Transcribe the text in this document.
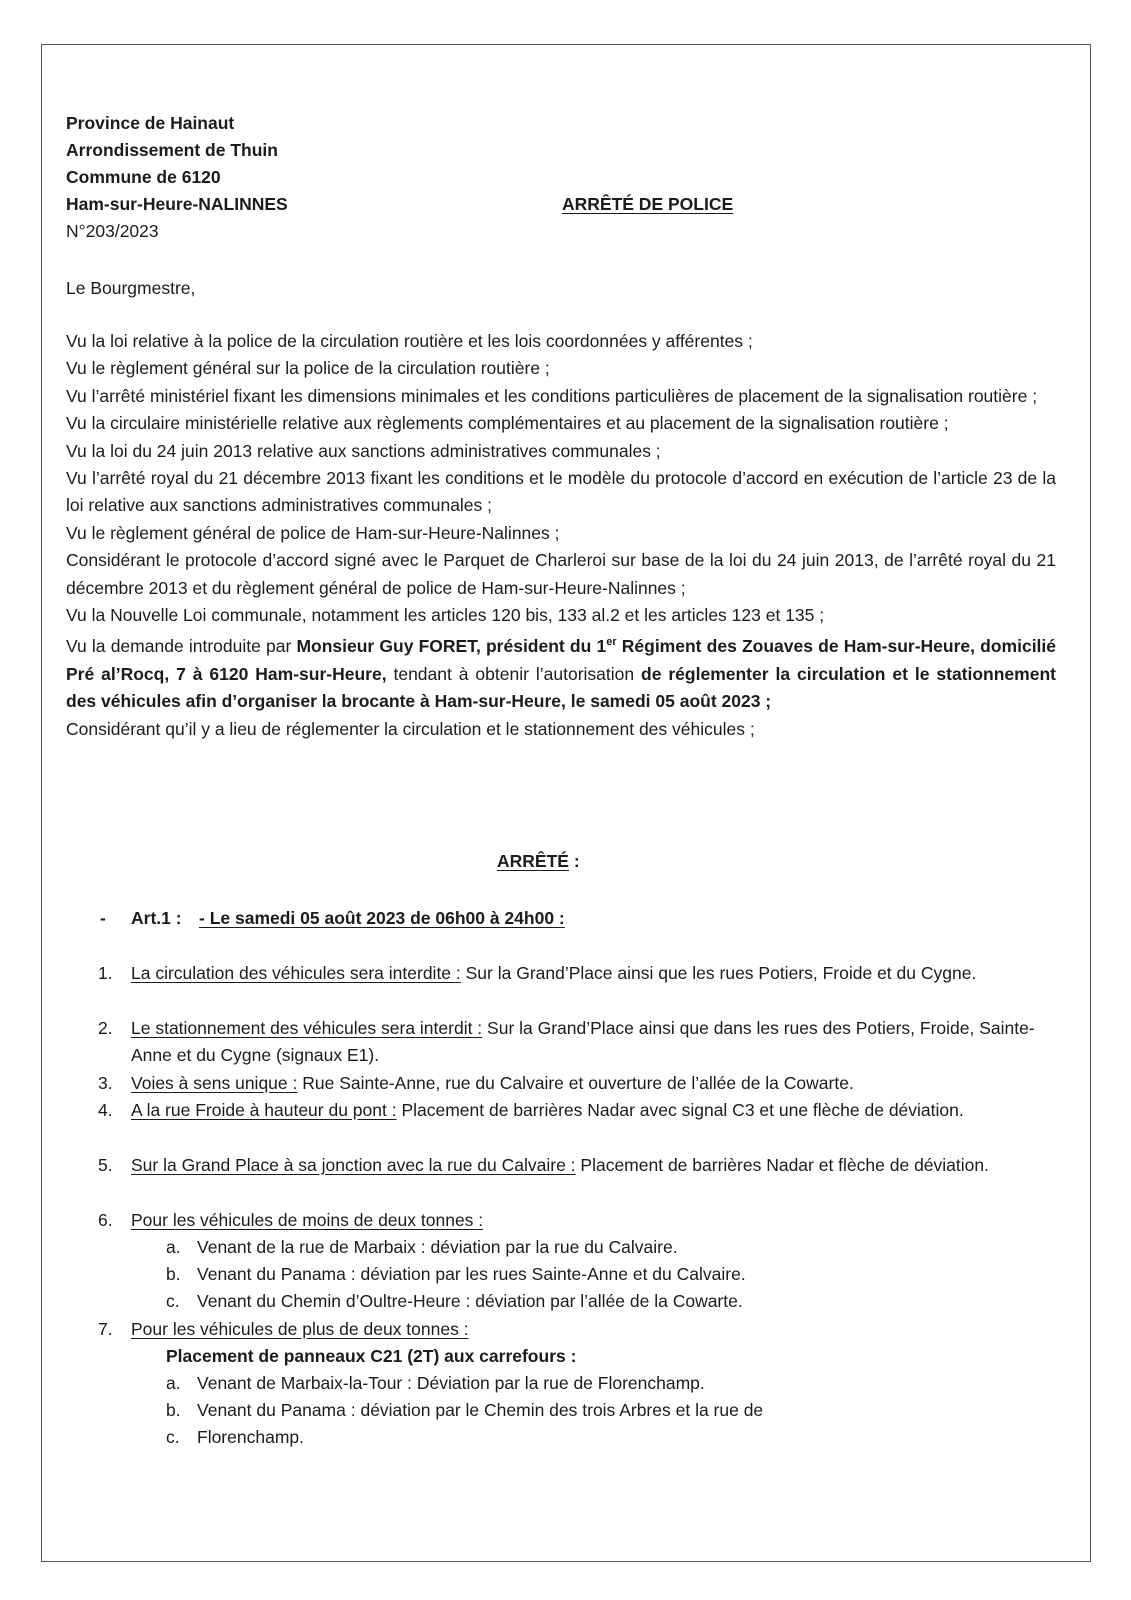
Province de Hainaut
Arrondissement de Thuin
Commune de 6120
Ham-sur-Heure-NALINNES	ARRÊTÉ DE POLICE
N°203/2023
Le Bourgmestre,
Vu la loi relative à la police de la circulation routière et les lois coordonnées y afférentes ;
Vu le règlement général sur la police de la circulation routière ;
Vu l’arrêté ministériel fixant les dimensions minimales et les conditions particulières de placement de la signalisation routière ;
Vu la circulaire ministérielle relative aux règlements complémentaires et au placement de la signalisation routière ;
Vu la loi du 24 juin 2013 relative aux sanctions administratives communales ;
Vu l’arrêté royal du 21 décembre 2013 fixant les conditions et le modèle du protocole d’accord en exécution de l’article 23 de la loi relative aux sanctions administratives communales ;
Vu le règlement général de police de Ham-sur-Heure-Nalinnes ;
Considérant le protocole d’accord signé avec le Parquet de Charleroi sur base de la loi du 24 juin 2013, de l’arrêté royal du 21 décembre 2013 et du règlement général de police de Ham-sur-Heure-Nalinnes ;
Vu la Nouvelle Loi communale, notamment les articles 120 bis, 133 al.2 et les articles 123 et 135 ;
Vu la demande introduite par Monsieur Guy FORET, président du 1er Régiment des Zouaves de Ham-sur-Heure, domicilié Pré al’Rocq, 7 à 6120 Ham-sur-Heure, tendant à obtenir l’autorisation de réglementer la circulation et le stationnement des véhicules afin d’organiser la brocante à Ham-sur-Heure, le samedi 05 août 2023 ;
Considérant qu’il y a lieu de réglementer la circulation et le stationnement des véhicules ;
ARRÊTÉ :
- Art.1 : - Le samedi 05 août 2023 de 06h00 à 24h00 :
1. La circulation des véhicules sera interdite : Sur la Grand’Place ainsi que les rues Potiers, Froide et du Cygne.
2. Le stationnement des véhicules sera interdit : Sur la Grand’Place ainsi que dans les rues des Potiers, Froide, Sainte-Anne et du Cygne (signaux E1).
3. Voies à sens unique : Rue Sainte-Anne, rue du Calvaire et ouverture de l’allée de la Cowarte.
4. A la rue Froide à hauteur du pont : Placement de barrières Nadar avec signal C3 et une flèche de déviation.
5. Sur la Grand Place à sa jonction avec la rue du Calvaire : Placement de barrières Nadar et flèche de déviation.
6. Pour les véhicules de moins de deux tonnes :
a. Venant de la rue de Marbaix : déviation par la rue du Calvaire.
b. Venant du Panama : déviation par les rues Sainte-Anne et du Calvaire.
c. Venant du Chemin d’Oultre-Heure : déviation par l’allée de la Cowarte.
7. Pour les véhicules de plus de deux tonnes :
Placement de panneaux C21 (2T) aux carrefours :
a. Venant de Marbaix-la-Tour : Déviation par la rue de Florenchamp.
b. Venant du Panama : déviation par le Chemin des trois Arbres et la rue de
c. Florenchamp.
